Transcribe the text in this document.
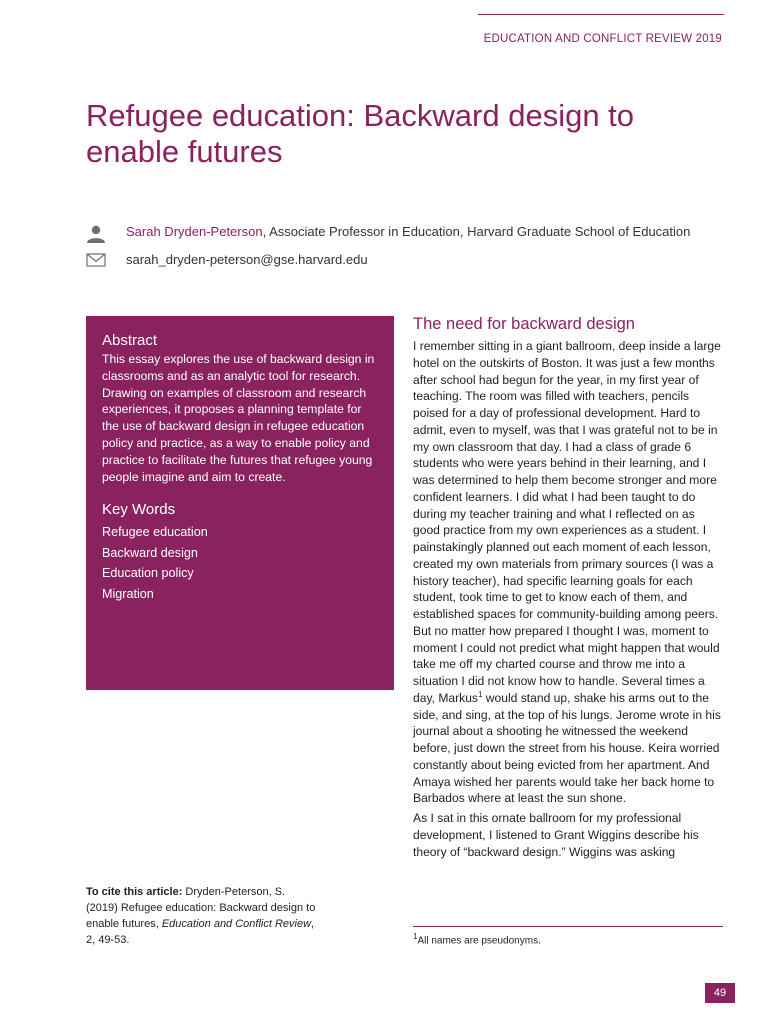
EDUCATION AND CONFLICT REVIEW 2019
Refugee education: Backward design to enable futures
Sarah Dryden-Peterson, Associate Professor in Education, Harvard Graduate School of Education
sarah_dryden-peterson@gse.harvard.edu
Abstract

This essay explores the use of backward design in classrooms and as an analytic tool for research. Drawing on examples of classroom and research experiences, it proposes a planning template for the use of backward design in refugee education policy and practice, as a way to enable policy and practice to facilitate the futures that refugee young people imagine and aim to create.

Key Words
Refugee education
Backward design
Education policy
Migration
To cite this article: Dryden-Peterson, S. (2019) Refugee education: Backward design to enable futures, Education and Conflict Review, 2, 49-53.
The need for backward design

I remember sitting in a giant ballroom, deep inside a large hotel on the outskirts of Boston. It was just a few months after school had begun for the year, in my first year of teaching. The room was filled with teachers, pencils poised for a day of professional development. Hard to admit, even to myself, was that I was grateful not to be in my own classroom that day. I had a class of grade 6 students who were years behind in their learning, and I was determined to help them become stronger and more confident learners. I did what I had been taught to do during my teacher training and what I reflected on as good practice from my own experiences as a student. I painstakingly planned out each moment of each lesson, created my own materials from primary sources (I was a history teacher), had specific learning goals for each student, took time to get to know each of them, and established spaces for community-building among peers. But no matter how prepared I thought I was, moment to moment I could not predict what might happen that would take me off my charted course and throw me into a situation I did not know how to handle. Several times a day, Markus$^1$ would stand up, shake his arms out to the side, and sing, at the top of his lungs. Jerome wrote in his journal about a shooting he witnessed the weekend before, just down the street from his house. Keira worried constantly about being evicted from her apartment. And Amaya wished her parents would take her back home to Barbados where at least the sun shone.

As I sat in this ornate ballroom for my professional development, I listened to Grant Wiggins describe his theory of “backward design.” Wiggins was asking

$^1$All names are pseudonyms.
49
